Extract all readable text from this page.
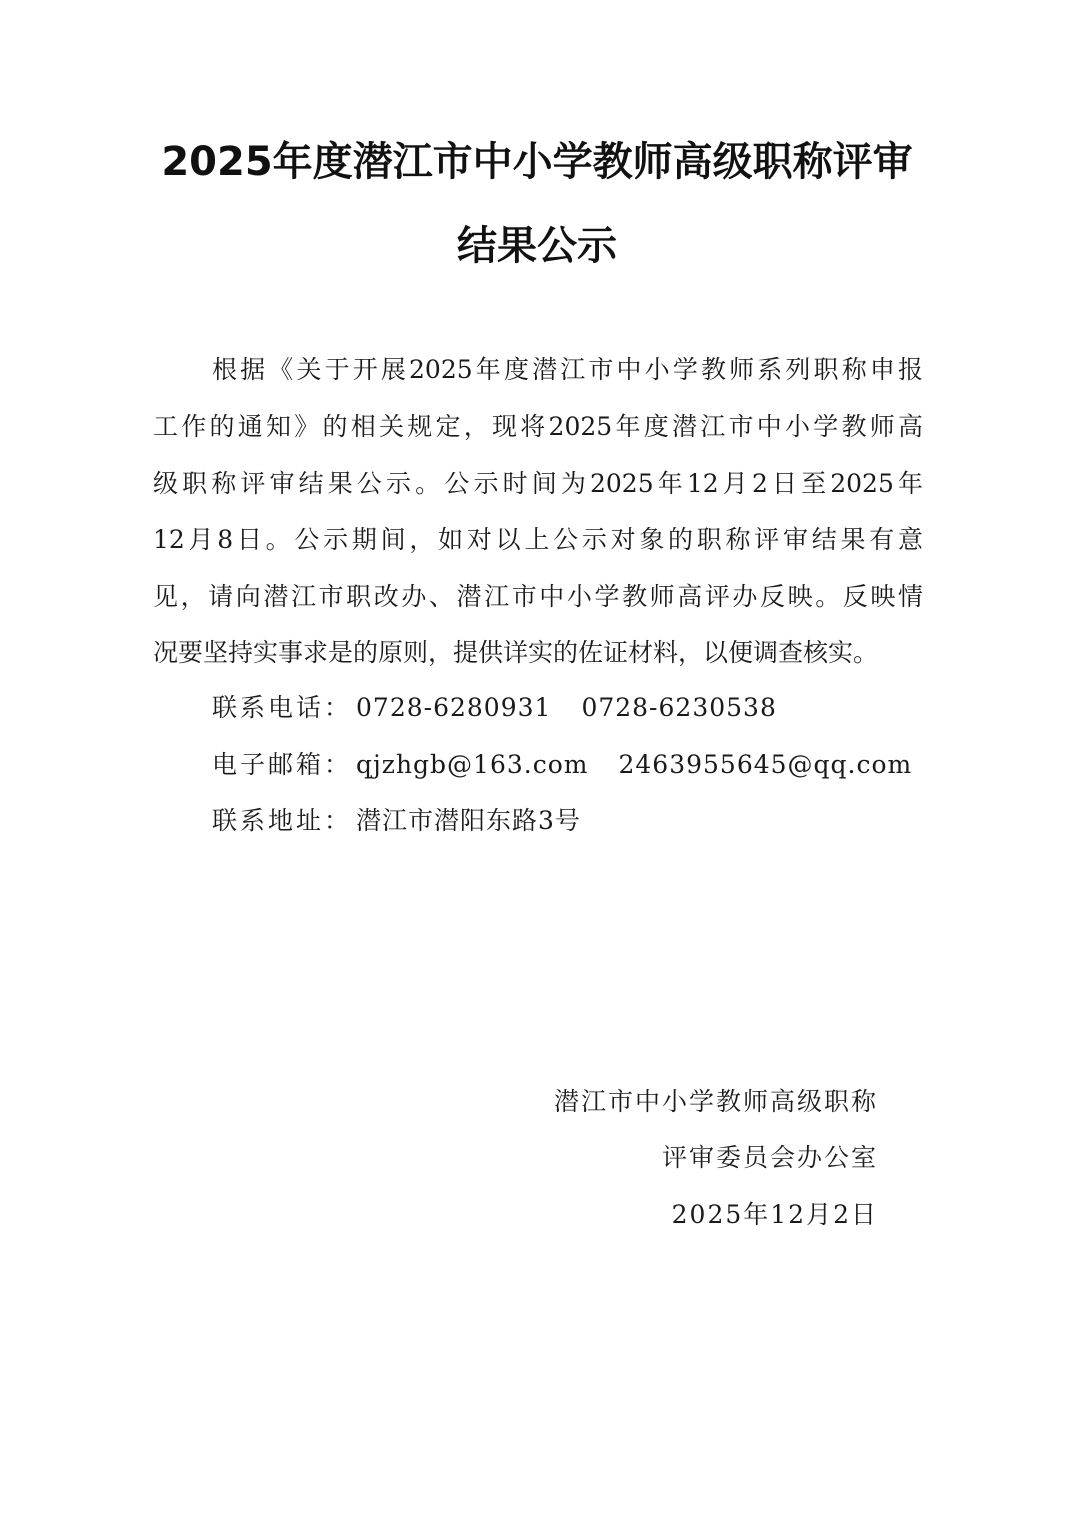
2025年度潜江市中小学教师高级职称评审
结果公示
根据《关于开展2025年度潜江市中小学教师系列职称申报
工作的通知》的相关规定，现将2025年度潜江市中小学教师高
级职称评审结果公示。公示时间为2025年12月2日至2025年
12月8日。公示期间，如对以上公示对象的职称评审结果有意
见，请向潜江市职改办、潜江市中小学教师高评办反映。反映情
况要坚持实事求是的原则，提供详实的佐证材料，以便调查核实。
联系电话： 0728-6280931 0728-6230538
电子邮箱： qjzhgb@163.com 2463955645@qq.com
联系地址： 潜江市潜阳东路3号
潜江市中小学教师高级职称
评审委员会办公室
2025年12月2日
